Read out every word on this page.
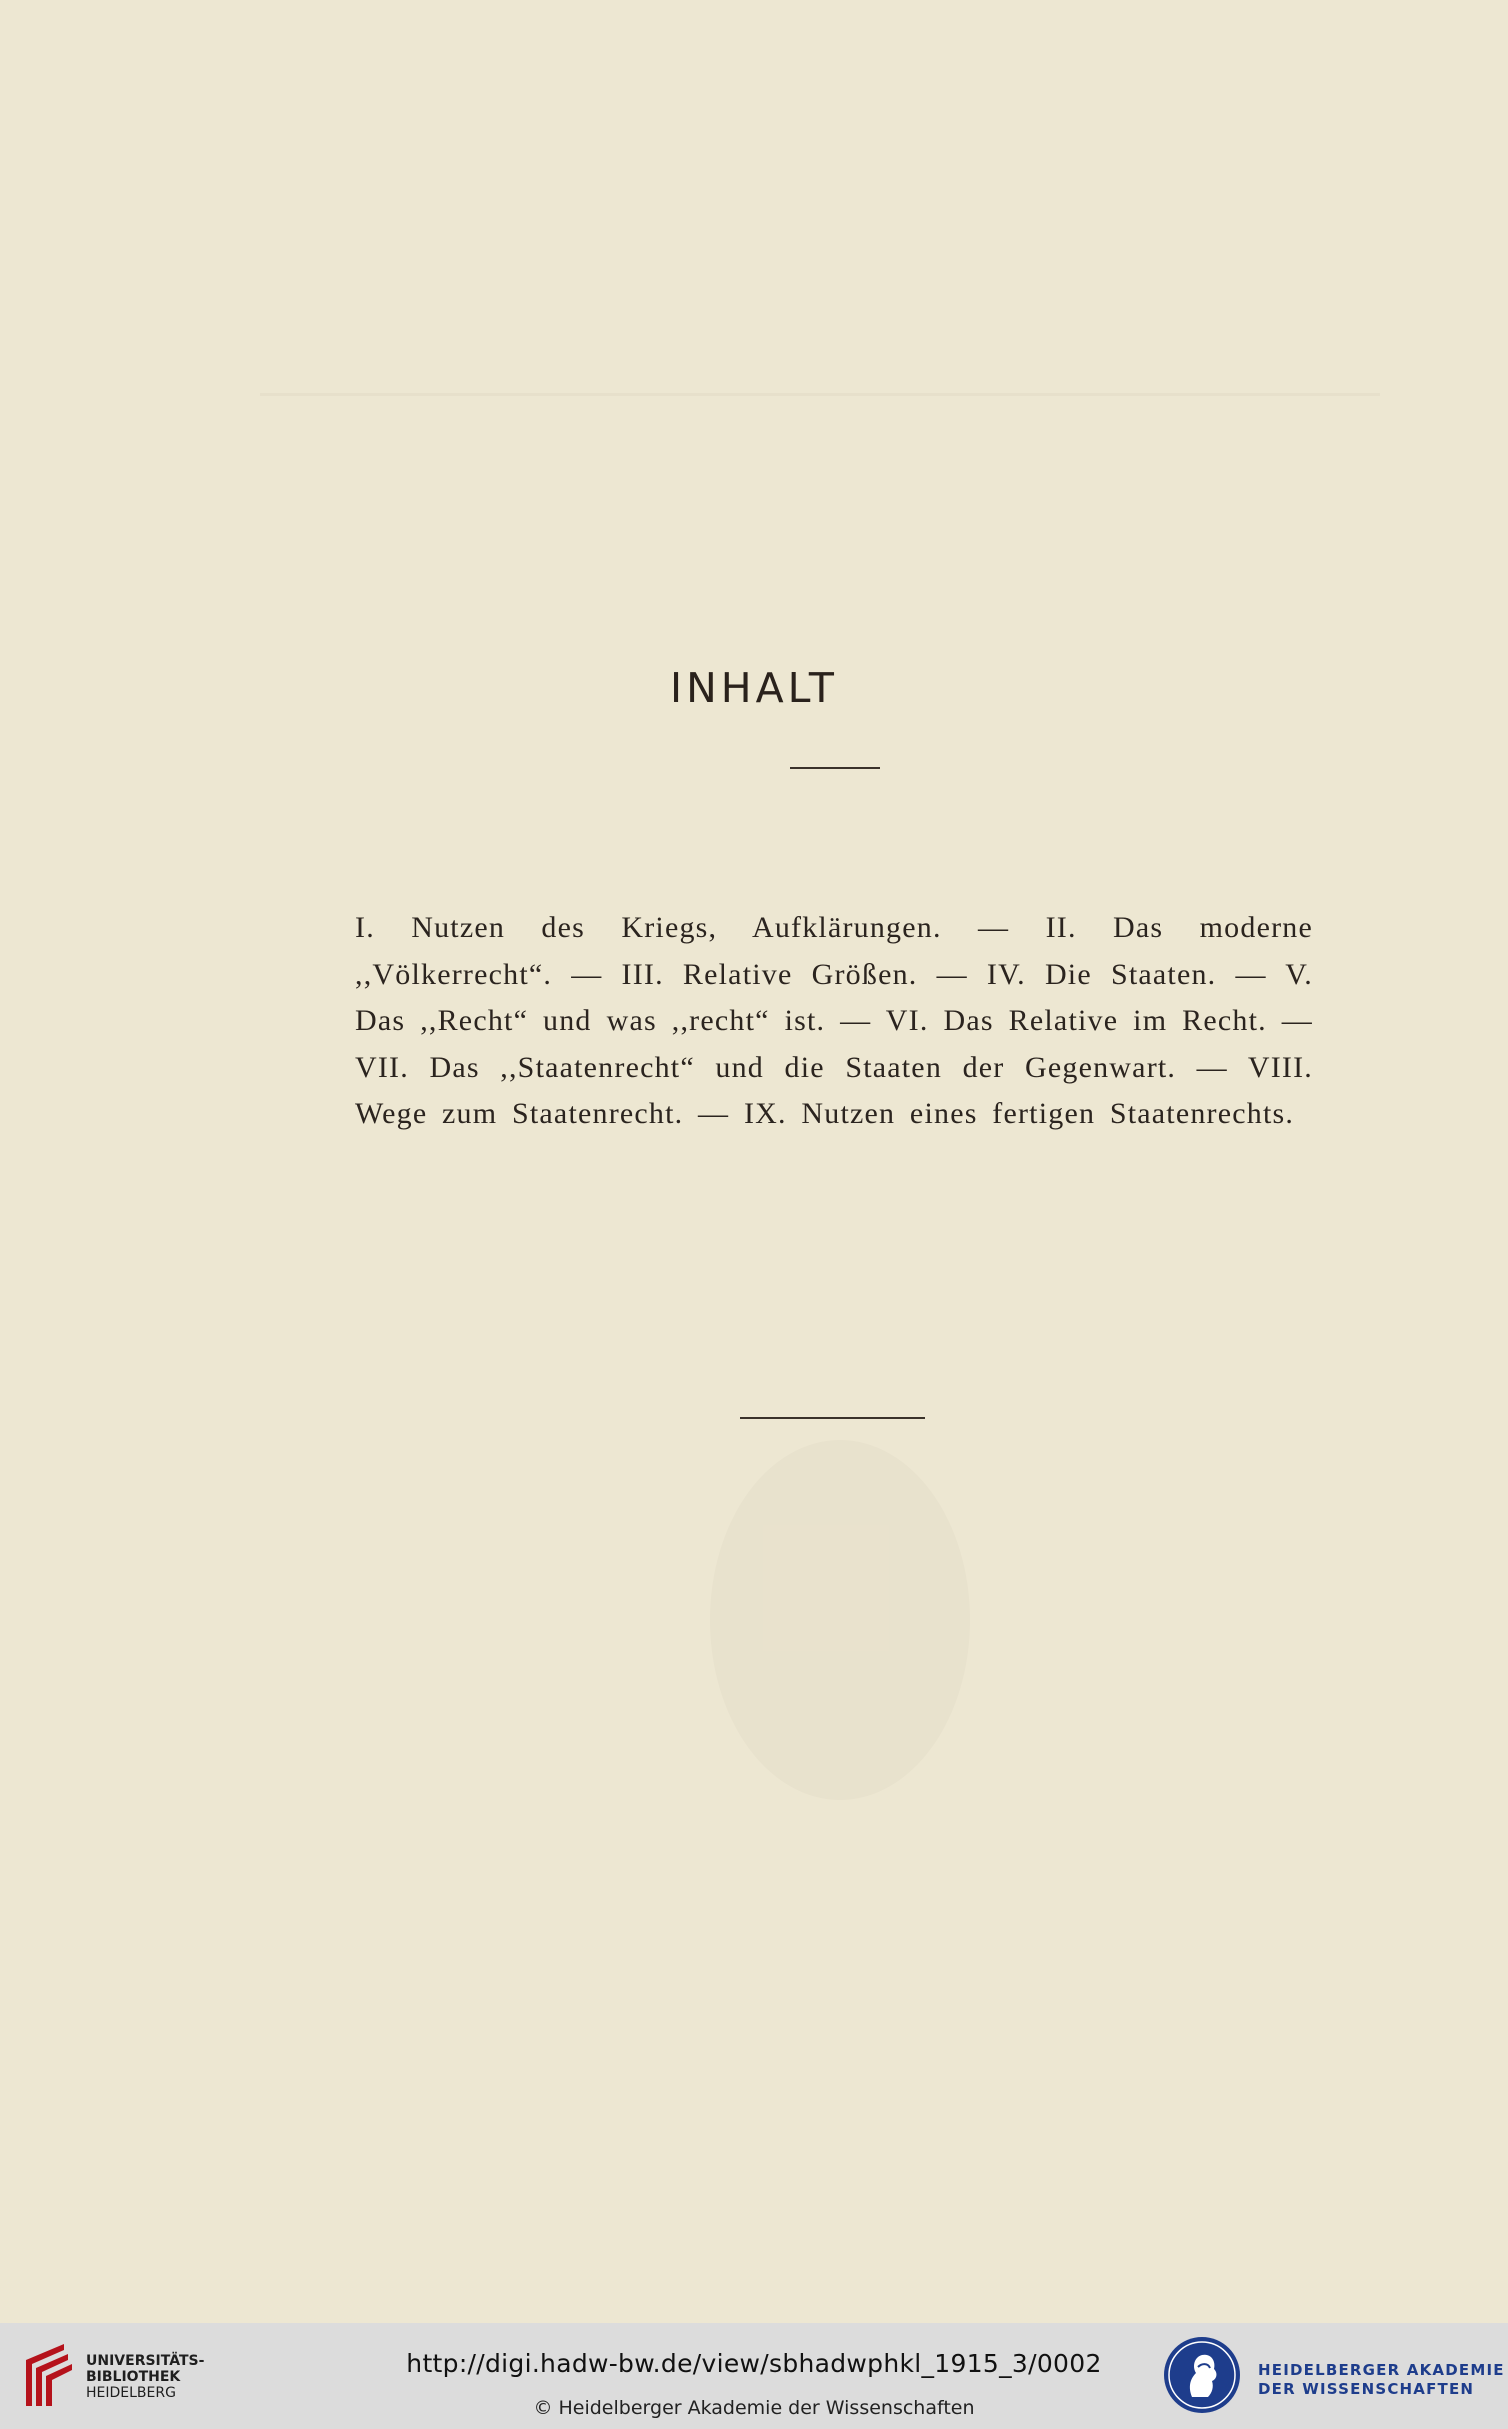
INHALT
I. Nutzen des Kriegs, Aufklärungen. — II. Das moderne ,,Völkerrecht“. — III. Relative Größen. — IV. Die Staaten. — V. Das ,,Recht“ und was ,,recht“ ist. — VI. Das Relative im Recht. — VII. Das ,,Staatenrecht“ und die Staaten der Gegenwart. — VIII. Wege zum Staatenrecht. — IX. Nutzen eines fertigen Staatenrechts.
UNIVERSITÄTS-
BIBLIOTHEK
HEIDELBERG
http://digi.hadw-bw.de/view/sbhadwphkl_1915_3/0002
© Heidelberger Akademie der Wissenschaften
HEIDELBERGER AKADEMIE
DER WISSENSCHAFTEN
